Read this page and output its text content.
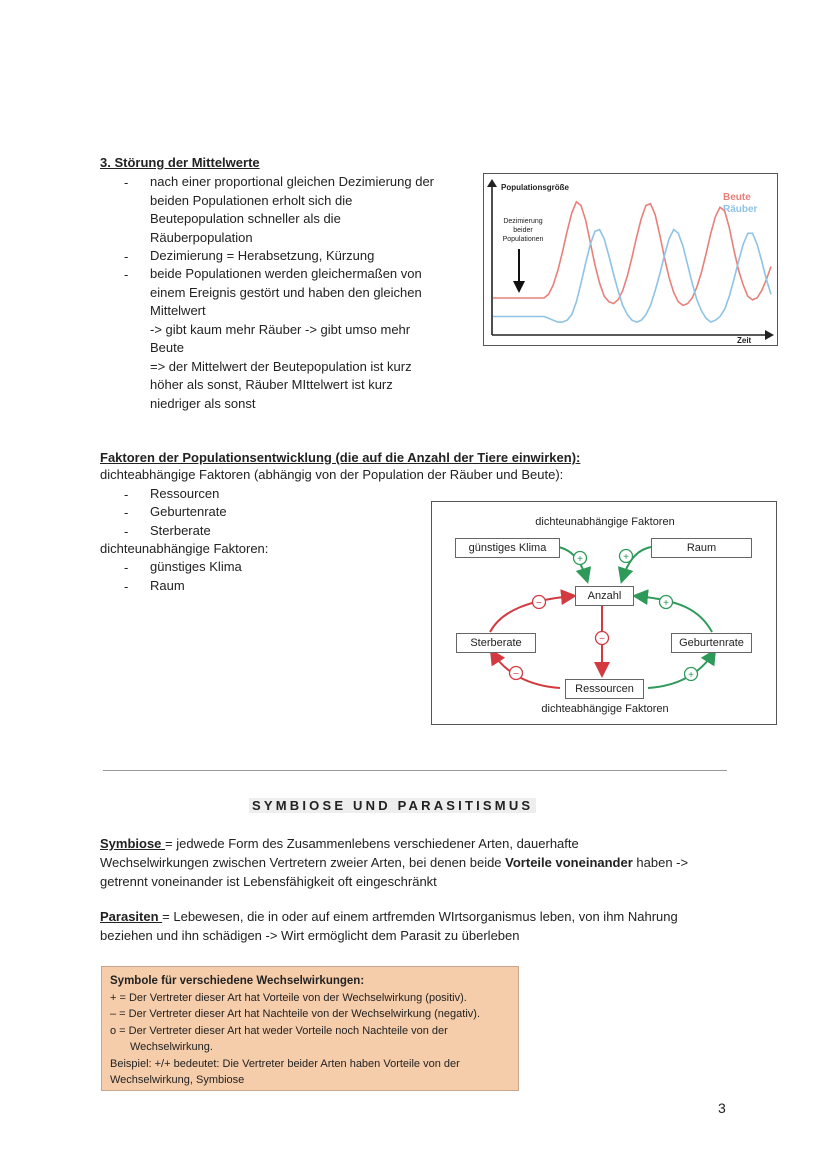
3. Störung der Mittelwerte
- nach einer proportional gleichen Dezimierung der
beiden Populationen erholt sich die
Beutepopulation schneller als die
Räuberpopulation
- Dezimierung = Herabsetzung, Kürzung
- beide Populationen werden gleichermaßen von
einem Ereignis gestört und haben den gleichen
Mittelwert
-> gibt kaum mehr Räuber -> gibt umso mehr
Beute
=> der Mittelwert der Beutepopulation ist kurz
höher als sonst, Räuber MIttelwert ist kurz
niedriger als sonst
Populationsgröße
Zeit
Beute
Räuber
Dezimierung
beider
Populationen
Faktoren der Populationsentwicklung (die auf die Anzahl der Tiere einwirken):
dichteabhängige Faktoren (abhängig von der Population der Räuber und Beute):
- Ressourcen
- Geburtenrate
- Sterberate
dichteunabhängige Faktoren:
- günstiges Klima
- Raum
dichteunabhängige Faktoren
dichteabhängige Faktoren
+	+
+
+
−
−
−
günstiges Klima	Raum
Anzahl
Sterberate	Geburtenrate
Ressourcen
SYMBIOSE UND PARASITISMUS
Symbiose = jedwede Form des Zusammenlebens verschiedener Arten, dauerhafte
Wechselwirkungen zwischen Vertretern zweier Arten, bei denen beide Vorteile voneinander haben ->
getrennt voneinander ist Lebensfähigkeit oft eingeschränkt
Parasiten = Lebewesen, die in oder auf einem artfremden WIrtsorganismus leben, von ihm Nahrung
beziehen und ihn schädigen -> Wirt ermöglicht dem Parasit zu überleben
Symbole für verschiedene Wechselwirkungen:
+ = Der Vertreter dieser Art hat Vorteile von der Wechselwirkung (positiv).
– = Der Vertreter dieser Art hat Nachteile von der Wechselwirkung (negativ).
o = Der Vertreter dieser Art hat weder Vorteile noch Nachteile von der
Wechselwirkung.
Beispiel: +/+ bedeutet: Die Vertreter beider Arten haben Vorteile von der
Wechselwirkung, Symbiose
3
